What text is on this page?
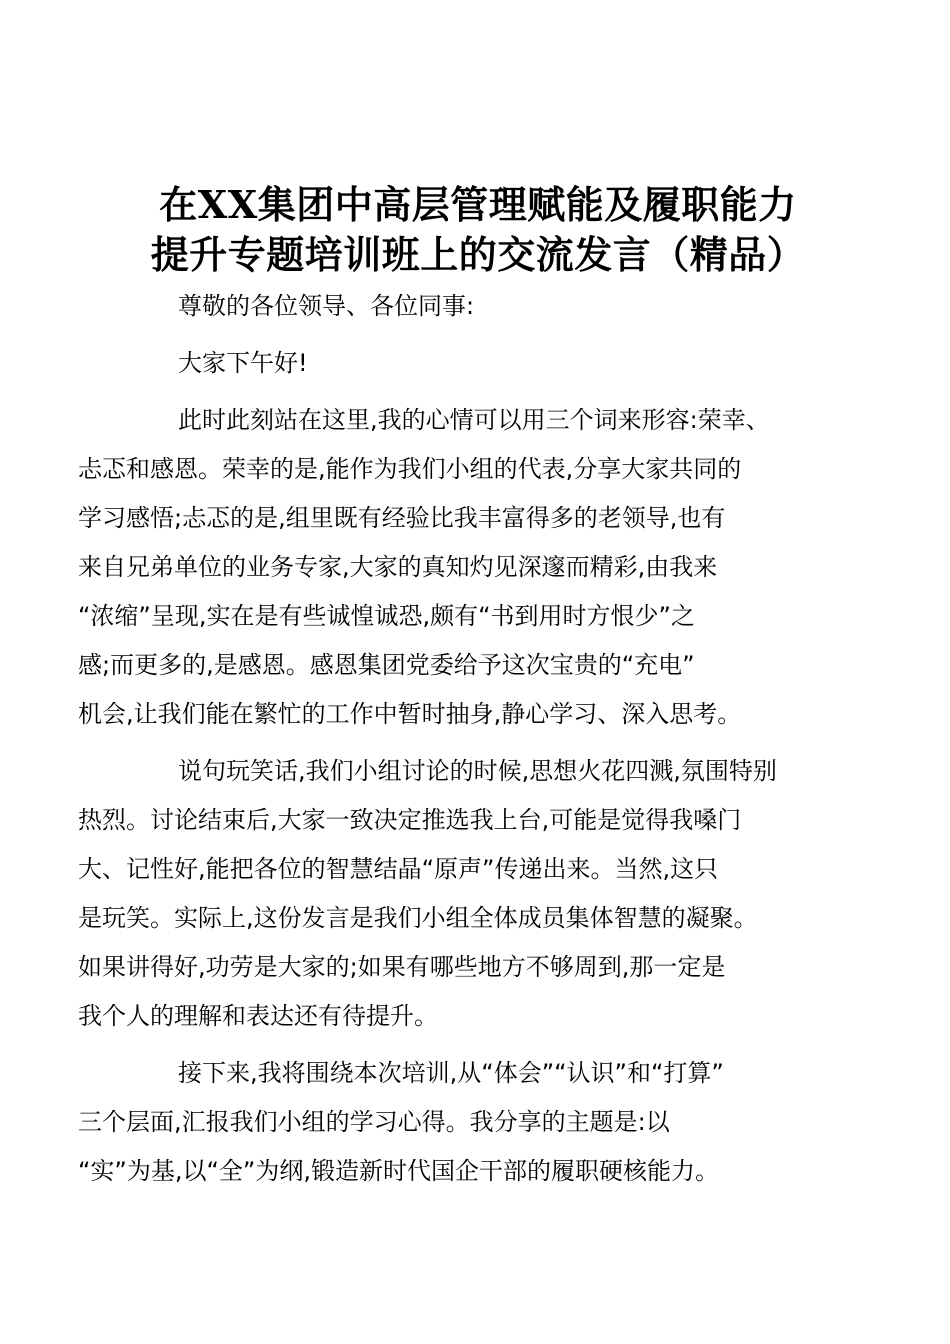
在XX集团中高层管理赋能及履职能力
提升专题培训班上的交流发言（精品）

尊敬的各位领导、各位同事:

大家下午好!

此时此刻站在这里,我的心情可以用三个词来形容:荣幸、
忐忑和感恩。荣幸的是,能作为我们小组的代表,分享大家共同的
学习感悟;忐忑的是,组里既有经验比我丰富得多的老领导,也有
来自兄弟单位的业务专家,大家的真知灼见深邃而精彩,由我来
“浓缩”呈现,实在是有些诚惶诚恐,颇有“书到用时方恨少”之
感;而更多的,是感恩。感恩集团党委给予这次宝贵的“充电”
机会,让我们能在繁忙的工作中暂时抽身,静心学习、深入思考。

说句玩笑话,我们小组讨论的时候,思想火花四溅,氛围特别
热烈。讨论结束后,大家一致决定推选我上台,可能是觉得我嗓门
大、记性好,能把各位的智慧结晶“原声”传递出来。当然,这只
是玩笑。实际上,这份发言是我们小组全体成员集体智慧的凝聚。
如果讲得好,功劳是大家的;如果有哪些地方不够周到,那一定是
我个人的理解和表达还有待提升。

接下来,我将围绕本次培训,从“体会”“认识”和“打算”
三个层面,汇报我们小组的学习心得。我分享的主题是:以
“实”为基,以“全”为纲,锻造新时代国企干部的履职硬核能力。
